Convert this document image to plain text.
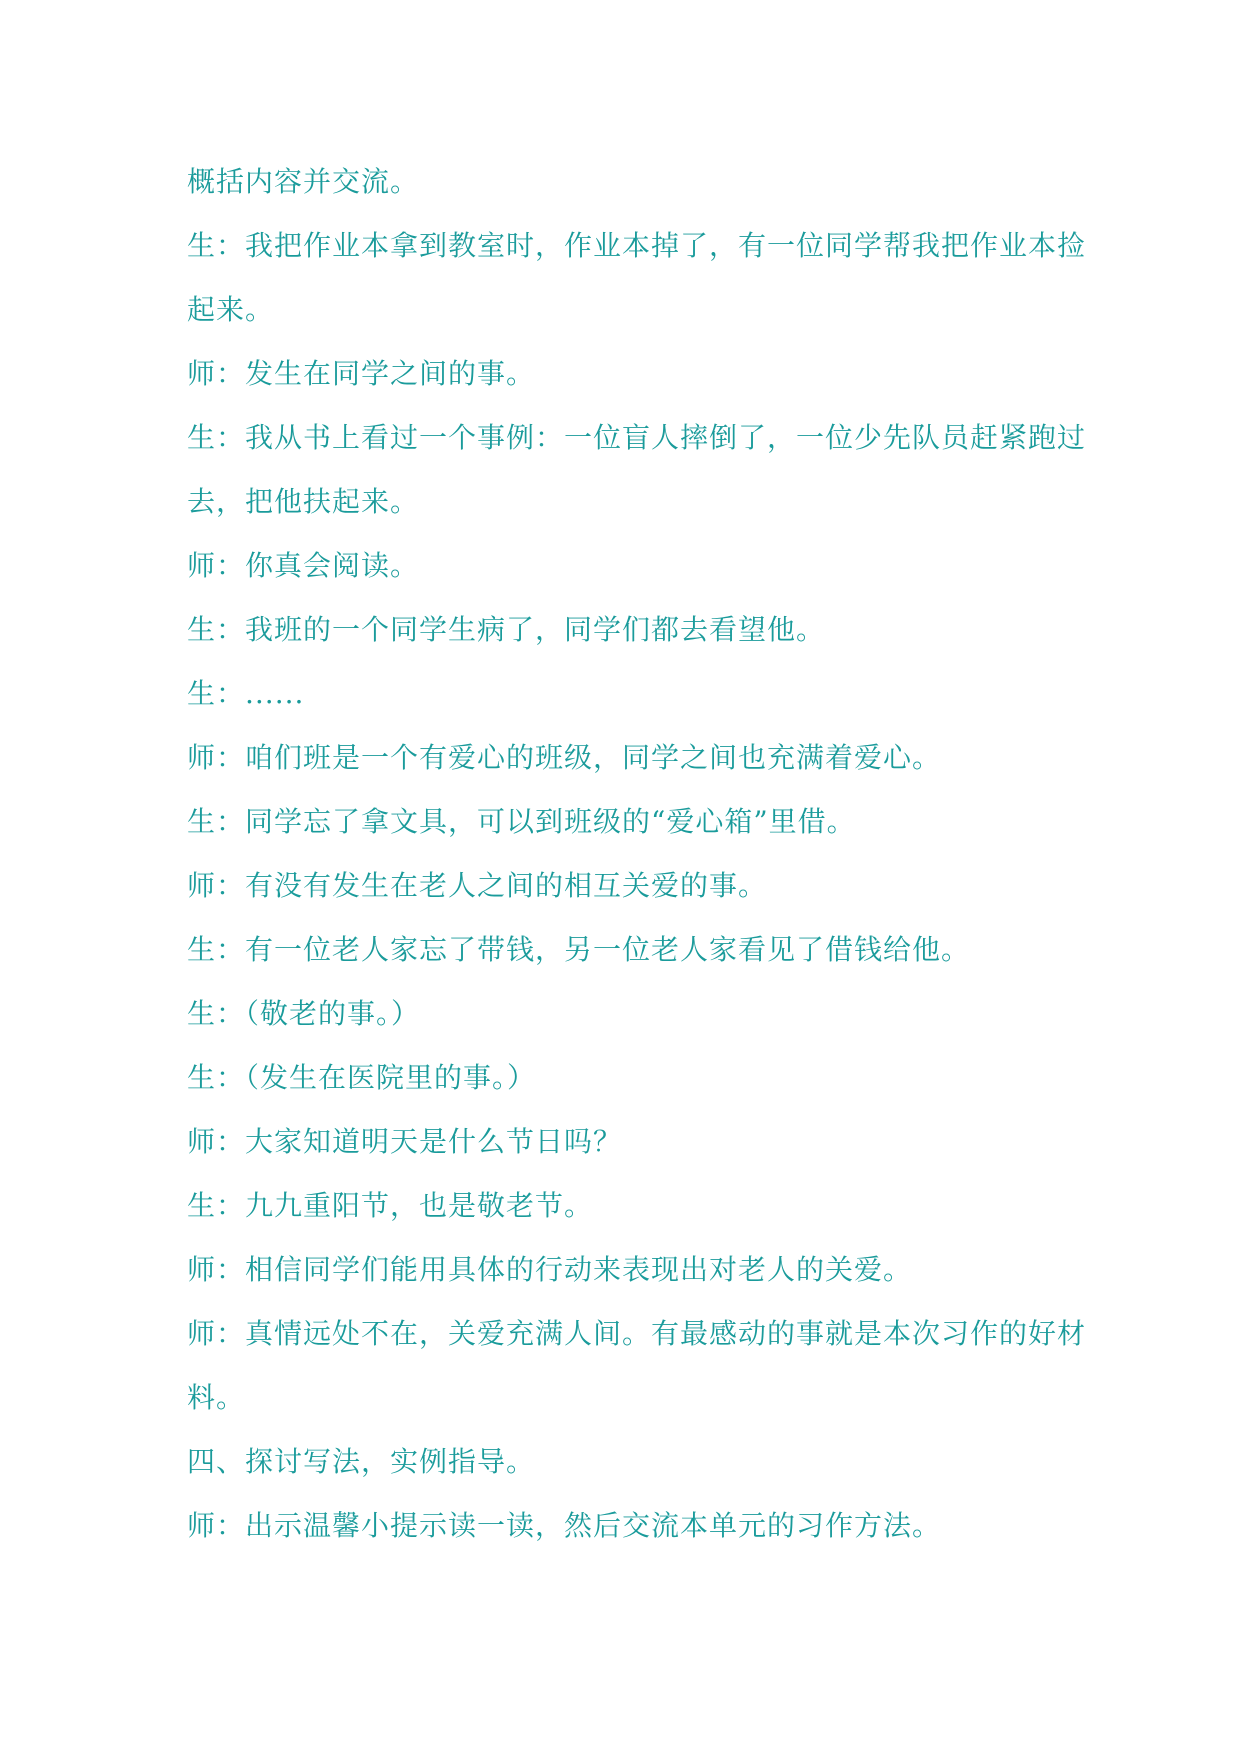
概括内容并交流。
生：我把作业本拿到教室时，作业本掉了，有一位同学帮我把作业本捡
起来。
师：发生在同学之间的事。
生：我从书上看过一个事例：一位盲人摔倒了，一位少先队员赶紧跑过
去，把他扶起来。
师：你真会阅读。
生：我班的一个同学生病了，同学们都去看望他。
生：......
师：咱们班是一个有爱心的班级，同学之间也充满着爱心。
生：同学忘了拿文具，可以到班级的“爱心箱”里借。
师：有没有发生在老人之间的相互关爱的事。
生：有一位老人家忘了带钱，另一位老人家看见了借钱给他。
生：（敬老的事。）
生：（发生在医院里的事。）
师：大家知道明天是什么节日吗？
生：九九重阳节，也是敬老节。
师：相信同学们能用具体的行动来表现出对老人的关爱。
师：真情远处不在，关爱充满人间。有最感动的事就是本次习作的好材
料。
四、探讨写法，实例指导。
师：出示温馨小提示读一读，然后交流本单元的习作方法。
